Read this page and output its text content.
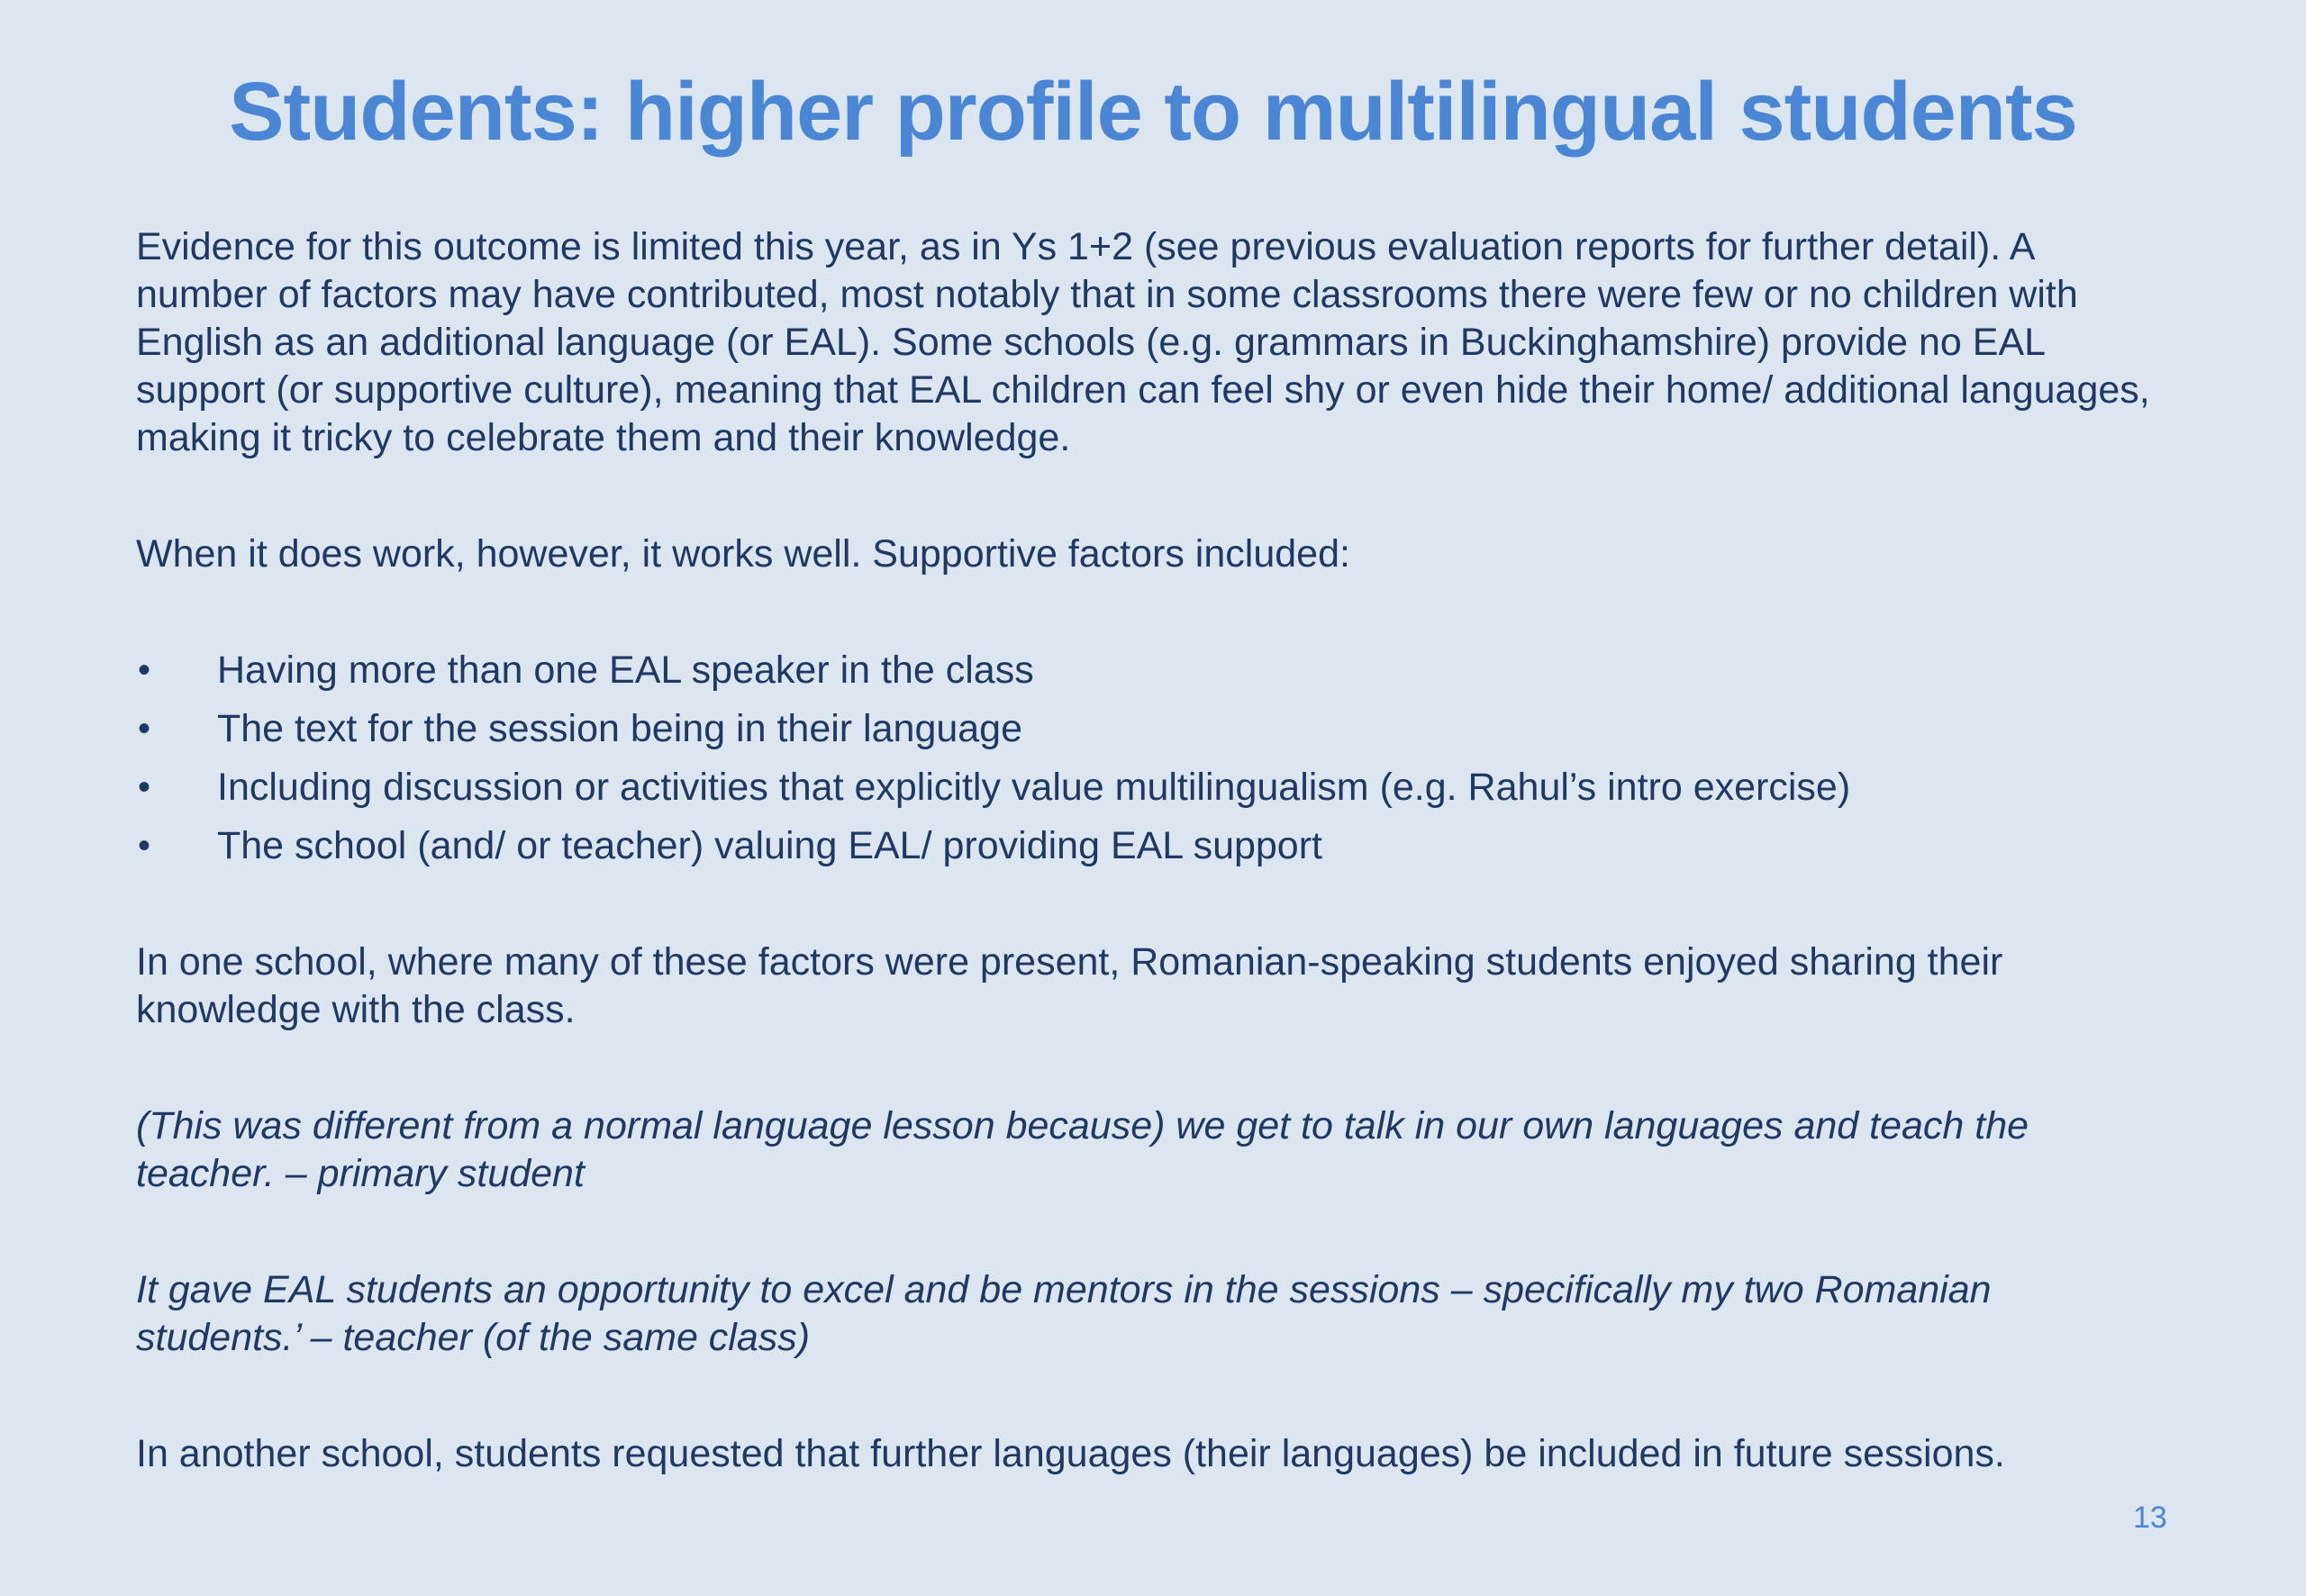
Students: higher profile to multilingual students

Evidence for this outcome is limited this year, as in Ys 1+2 (see previous evaluation reports for further detail). A number of factors may have contributed, most notably that in some classrooms there were few or no children with English as an additional language (or EAL). Some schools (e.g. grammars in Buckinghamshire) provide no EAL support (or supportive culture), meaning that EAL children can feel shy or even hide their home/ additional languages, making it tricky to celebrate them and their knowledge.

When it does work, however, it works well. Supportive factors included:

• Having more than one EAL speaker in the class
• The text for the session being in their language
• Including discussion or activities that explicitly value multilingualism (e.g. Rahul’s intro exercise)
• The school (and/ or teacher) valuing EAL/ providing EAL support

In one school, where many of these factors were present, Romanian-speaking students enjoyed sharing their knowledge with the class.

(This was different from a normal language lesson because) we get to talk in our own languages and teach the teacher. – primary student

It gave EAL students an opportunity to excel and be mentors in the sessions – specifically my two Romanian students.’ – teacher (of the same class)

In another school, students requested that further languages (their languages) be included in future sessions.

13
